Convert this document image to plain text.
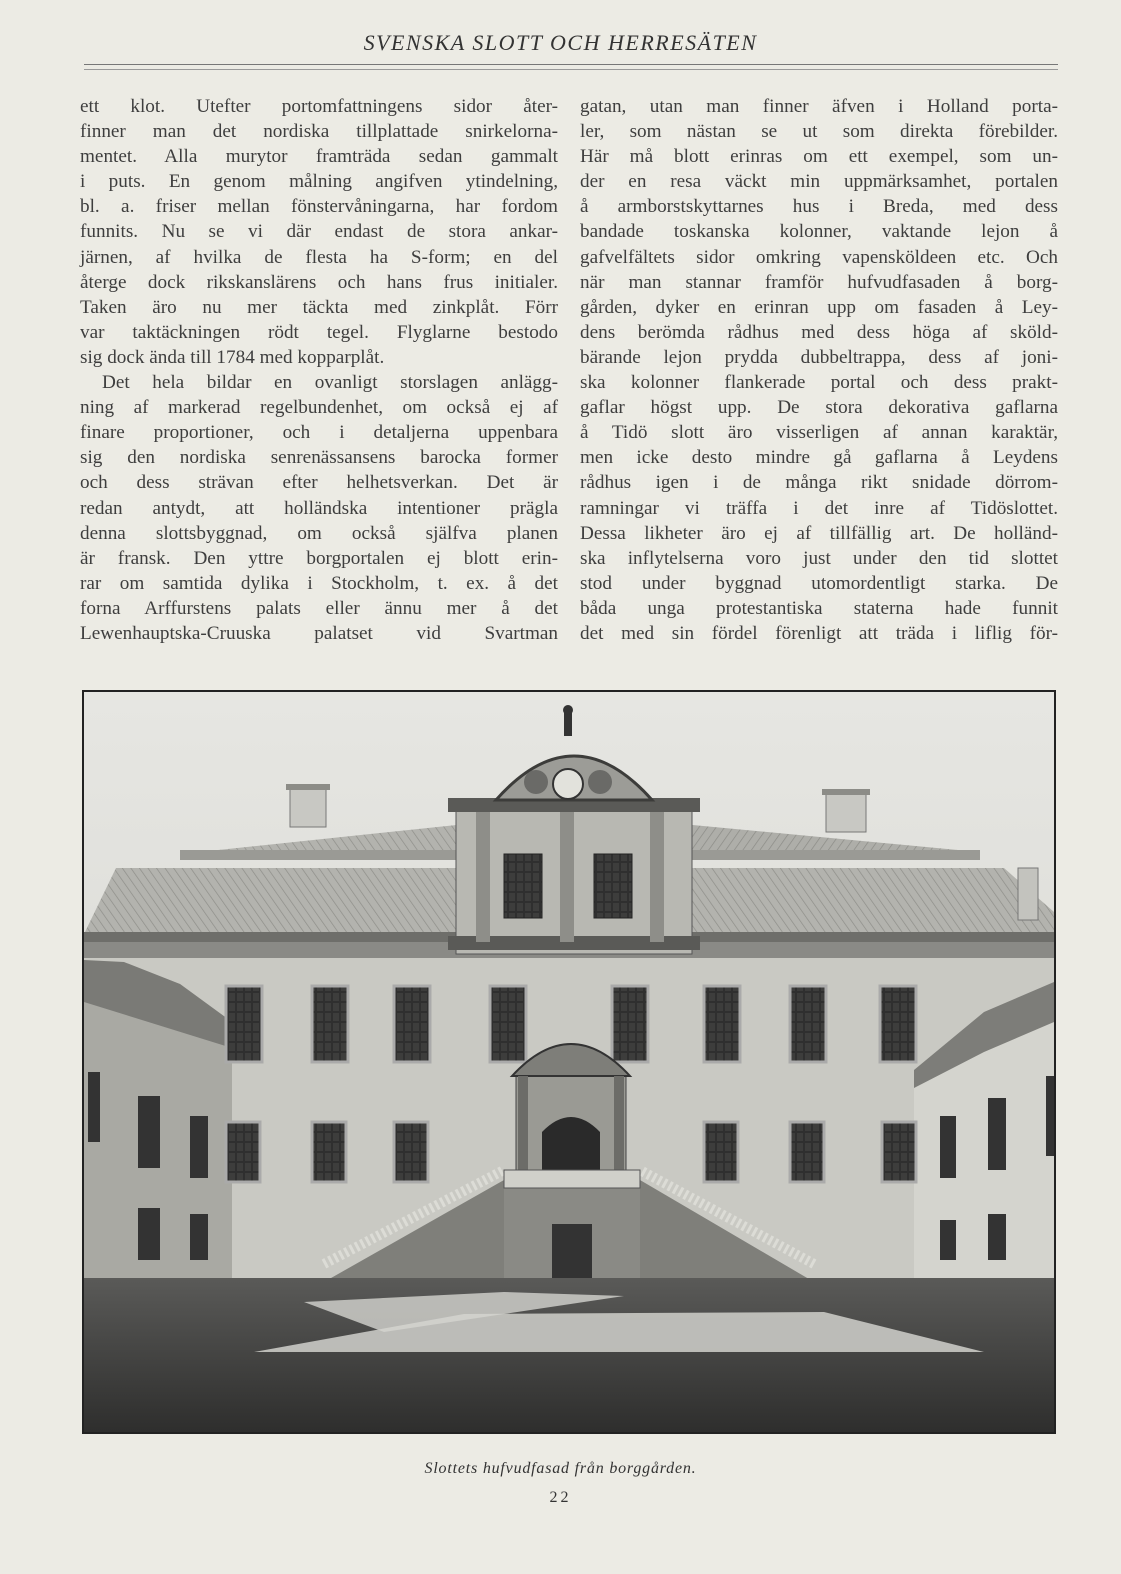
SVENSKA SLOTT OCH HERRESÄTEN
ett klot. Utefter portomfattningens sidor åter-
finner man det nordiska tillplattade snirkelorna-
mentet. Alla murytor framträda sedan gammalt
i puts. En genom målning angifven ytindelning,
bl. a. friser mellan fönstervåningarna, har fordom
funnits. Nu se vi där endast de stora ankar-
järnen, af hvilka de flesta ha S-form; en del
återge dock rikskanslärens och hans frus initialer.
Taken äro nu mer täckta med zinkplåt. Förr
var taktäckningen rödt tegel. Flyglarne bestodo
sig dock ända till 1784 med kopparplåt.
Det hela bildar en ovanligt storslagen anlägg-
ning af markerad regelbundenhet, om också ej af
finare proportioner, och i detaljerna uppenbara
sig den nordiska senrenässansens barocka former
och dess strävan efter helhetsverkan. Det är
redan antydt, att holländska intentioner prägla
denna slottsbyggnad, om också själfva planen
är fransk. Den yttre borgportalen ej blott erin-
rar om samtida dylika i Stockholm, t. ex. å det
forna Arffurstens palats eller ännu mer å det
Lewenhauptska-Cruuska palatset vid Svartman
gatan, utan man finner äfven i Holland porta-
ler, som nästan se ut som direkta förebilder.
Här må blott erinras om ett exempel, som un-
der en resa väckt min uppmärksamhet, portalen
å armborstskyttarnes hus i Breda, med dess
bandade toskanska kolonner, vaktande lejon å
gafvelfältets sidor omkring vapensköldeen etc. Och
när man stannar framför hufvudfasaden å borg-
gården, dyker en erinran upp om fasaden å Ley-
dens berömda rådhus med dess höga af sköld-
bärande lejon prydda dubbeltrappa, dess af joni-
ska kolonner flankerade portal och dess prakt-
gaflar högst upp. De stora dekorativa gaflarna
å Tidö slott äro visserligen af annan karaktär,
men icke desto mindre gå gaflarna å Leydens
rådhus igen i de många rikt snidade dörrom-
ramningar vi träffa i det inre af Tidöslottet.
Dessa likheter äro ej af tillfällig art. De holländ-
ska inflytelserna voro just under den tid slottet
stod under byggnad utomordentligt starka. De
båda unga protestantiska staterna hade funnit
det med sin fördel förenligt att träda i liflig för-
Slottets hufvudfasad från borggården.
22
